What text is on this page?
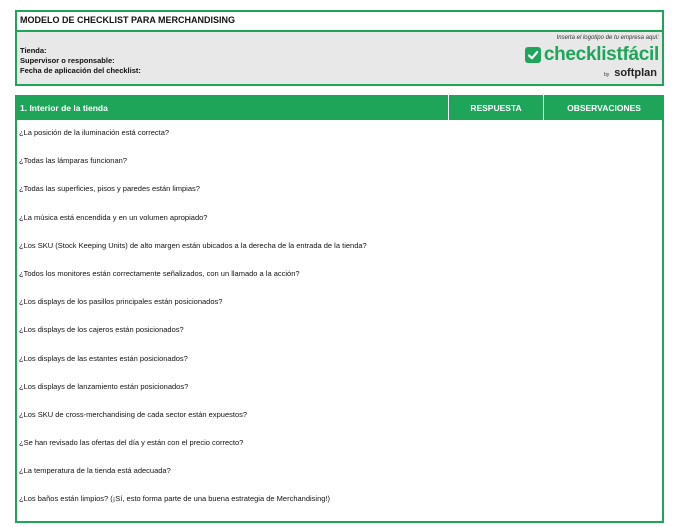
MODELO DE CHECKLIST PARA MERCHANDISING
Tienda:
Supervisor o responsable:
Fecha de aplicación del checklist:
Inserta el logotipo de tu empresa aquí:
checklistfácil
by softplan
1. Interior de la tienda	RESPUESTA	OBSERVACIONES
¿La posición de la iluminación está correcta?
¿Todas las lámparas funcionan?
¿Todas las superficies, pisos y paredes están limpias?
¿La música está encendida y en un volumen apropiado?
¿Los SKU (Stock Keeping Units) de alto margen están ubicados a la derecha de la entrada de la tienda?
¿Todos los monitores están correctamente señalizados, con un llamado a la acción?
¿Los displays de los pasillos principales están posicionados?
¿Los displays de los cajeros están posicionados?
¿Los displays de las estantes están posicionados?
¿Los displays de lanzamiento están posicionados?
¿Los SKU de cross-merchandising de cada sector están expuestos?
¿Se han revisado las ofertas del día y están con el precio correcto?
¿La temperatura de la tienda está adecuada?
¿Los baños están limpios? (¡Sí, esto forma parte de una buena estrategia de Merchandising!)
